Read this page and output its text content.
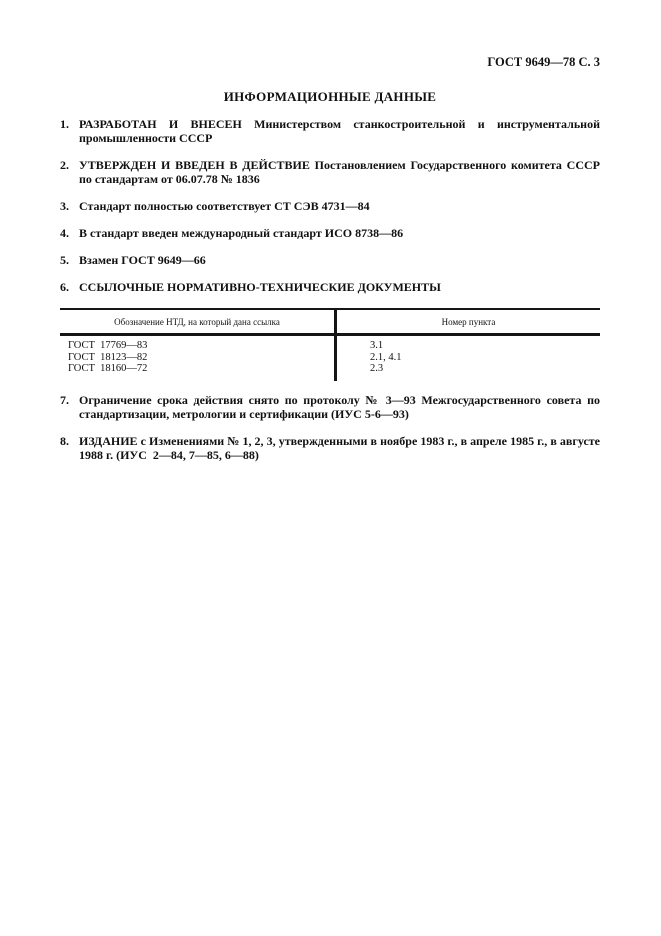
ГОСТ 9649—78 С. 3
ИНФОРМАЦИОННЫЕ ДАННЫЕ
1. РАЗРАБОТАН И ВНЕСЕН Министерством станкостроительной и инструментальной промышленности СССР
2. УТВЕРЖДЕН И ВВЕДЕН В ДЕЙСТВИЕ Постановлением Государственного комитета СССР по стандартам от 06.07.78 № 1836
3. Стандарт полностью соответствует СТ СЭВ 4731—84
4. В стандарт введен международный стандарт ИСО 8738—86
5. Взамен ГОСТ 9649—66
6. ССЫЛОЧНЫЕ НОРМАТИВНО-ТЕХНИЧЕСКИЕ ДОКУМЕНТЫ
Обозначение НТД, на который дана ссылка	Номер пункта
ГОСТ  17769—83	3.1
ГОСТ  18123—82	2.1, 4.1
ГОСТ  18160—72	2.3
7. Ограничение срока действия снято по протоколу № 3—93 Межгосударственного совета по стандартизации, метрологии и сертификации (ИУС 5-6—93)
8. ИЗДАНИЕ с Изменениями № 1, 2, 3, утвержденными в ноябре 1983 г., в апреле 1985 г., в августе 1988 г. (ИУС  2—84, 7—85, 6—88)
